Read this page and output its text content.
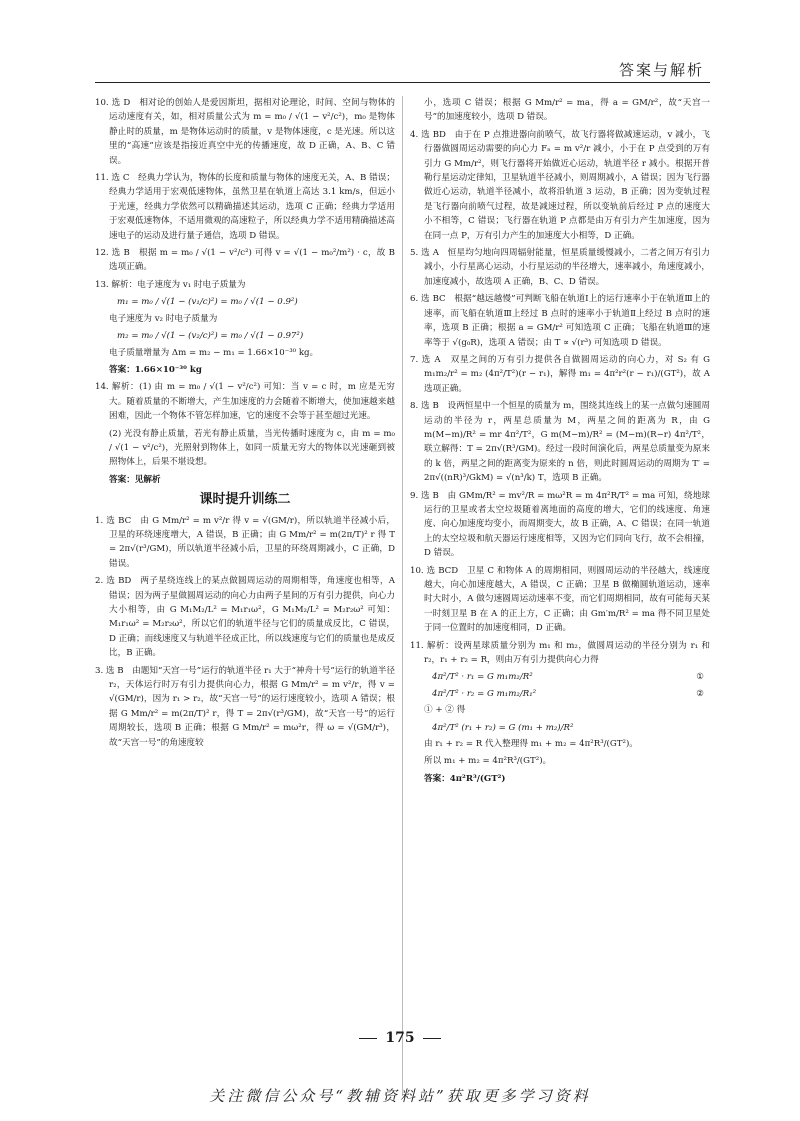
答案与解析

10. 选 D　相对论的创始人是爱因斯坦，据相对论理论，时间、空间与物体的运动速度有关，如，相对质量公式为 m = m₀ / √(1 − v²/c²)，m₀ 是物体静止时的质量，m 是物体运动时的质量，v 是物体速度，c 是光速。所以这里的“高速”应该是指接近真空中光的传播速度，故 D 正确，A、B、C 错误。

11. 选 C　经典力学认为，物体的长度和质量与物体的速度无关，A、B 错误；经典力学适用于宏观低速物体，虽然卫星在轨道上高达 3.1 km/s，但远小于光速，经典力学依然可以精确描述其运动，选项 C 正确；经典力学适用于宏观低速物体，不适用微观的高速粒子，所以经典力学不适用精确描述高速电子的运动及进行量子通信，选项 D 错误。

12. 选 B　根据 m = m₀ / √(1 − v²/c²) 可得 v = √(1 − m₀²/m²) · c，故 B 选项正确。

13. 解析：电子速度为 v₁ 时电子质量为

m₁ = m₀ / √(1 − (v₁/c)²) = m₀ / √(1 − 0.9²)

电子速度为 v₂ 时电子质量为

m₂ = m₀ / √(1 − (v₂/c)²) = m₀ / √(1 − 0.97²)

电子质量增量为 Δm = m₂ − m₁ = 1.66×10⁻³⁰ kg。

答案：1.66×10⁻³⁰ kg

14. 解析：(1) 由 m = m₀ / √(1 − v²/c²) 可知：当 v = c 时，m 应是无穷大。随着质量的不断增大，产生加速度的力会随着不断增大，使加速越来越困难，因此一个物体不管怎样加速，它的速度不会等于甚至超过光速。

(2) 光没有静止质量，若光有静止质量，当光传播时速度为 c，由 m = m₀ / √(1 − v²/c²)，光照射到物体上，如同一质量无穷大的物体以光速砸到被照物体上，后果不堪设想。

答案：见解析

课时提升训练二

1. 选 BC　由 G Mm/r² = m v²/r 得 v = √(GM/r)，所以轨道半径减小后，卫星的环绕速度增大，A 错误，B 正确；由 G Mm/r² = m(2π/T)² r 得 T = 2π√(r³/GM)，所以轨道半径减小后，卫星的环绕周期减小，C 正确，D 错误。

2. 选 BD　两子星绕连线上的某点做圆周运动的周期相等，角速度也相等，A 错误；因为两子星做圆周运动的向心力由两子星间的万有引力提供，向心力大小相等，由 G M₁M₂/L² = M₁r₁ω²，G M₁M₂/L² = M₂r₂ω² 可知：M₁r₁ω² = M₂r₂ω²，所以它们的轨道半径与它们的质量成反比，C 错误，D 正确；而线速度又与轨道半径成正比，所以线速度与它们的质量也是成反比，B 正确。

3. 选 B　由题知“天宫一号”运行的轨道半径 r₁ 大于“神舟十号”运行的轨道半径 r₂，天体运行时万有引力提供向心力，根据 G Mm/r² = m v²/r，得 v = √(GM/r)，因为 r₁ > r₂，故“天宫一号”的运行速度较小，选项 A 错误；根据 G Mm/r² = m(2π/T)² r，得 T = 2π√(r³/GM)，故“天宫一号”的运行周期较长，选项 B 正确；根据 G Mm/r² = mω²r，得 ω = √(GM/r³)，故“天宫一号”的角速度较

小，选项 C 错误；根据 G Mm/r² = ma，得 a = GM/r²，故“天宫一号”的加速度较小，选项 D 错误。

4. 选 BD　由于在 P 点推进器向前喷气，故飞行器将做减速运动，v 减小，飞行器做圆周运动需要的向心力 Fₙ = m v²/r 减小，小于在 P 点受到的万有引力 G Mm/r²，则飞行器将开始做近心运动，轨道半径 r 减小。根据开普勒行星运动定律知，卫星轨道半径减小，则周期减小，A 错误；因为飞行器做近心运动，轨道半径减小，故将沿轨道 3 运动，B 正确；因为变轨过程是飞行器向前喷气过程，故是减速过程，所以变轨前后经过 P 点的速度大小不相等，C 错误；飞行器在轨道 P 点都是由万有引力产生加速度，因为在同一点 P，万有引力产生的加速度大小相等，D 正确。

5. 选 A　恒星均匀地向四周辐射能量，恒星质量缓慢减小，二者之间万有引力减小，小行星离心运动，小行星运动的半径增大，速率减小，角速度减小，加速度减小，故选项 A 正确，B、C、D 错误。

6. 选 BC　根据“越远越慢”可判断飞船在轨道Ⅰ上的运行速率小于在轨道Ⅲ上的速率，而飞船在轨道Ⅲ上经过 B 点时的速率小于轨道Ⅱ上经过 B 点时的速率，选项 B 正确；根据 a = GM/r² 可知选项 C 正确；飞船在轨道Ⅲ的速率等于 √(g₀R)，选项 A 错误；由 T ∝ √(r³) 可知选项 D 错误。

7. 选 A　双星之间的万有引力提供各自做圆周运动的向心力，对 S₂ 有 G m₁m₂/r² = m₂ (4π²/T²)(r − r₁)，解得 m₁ = 4π²r²(r − r₁)/(GT²)，故 A 选项正确。

8. 选 B　设两恒星中一个恒星的质量为 m，围绕其连线上的某一点做匀速圆周运动的半径为 r，两星总质量为 M，两星之间的距离为 R，由 G m(M−m)/R² = mr 4π²/T²，G m(M−m)/R² = (M−m)(R−r) 4π²/T²，联立解得：T = 2π√(R³/GM)。经过一段时间演化后，两星总质量变为原来的 k 倍，两星之间的距离变为原来的 n 倍，则此时圆周运动的周期为 T′ = 2π√((nR)³/GkM) = √(n³/k) T，选项 B 正确。

9. 选 B　由 GMm/R² = mv²/R = mω²R = m 4π²R/T² = ma 可知，绕地球运行的卫星或者太空垃圾随着离地面的高度的增大，它们的线速度、角速度、向心加速度均变小，而周期变大，故 B 正确，A、C 错误；在同一轨道上的太空垃圾和航天器运行速度相等，又因为它们同向飞行，故不会相撞，D 错误。

10. 选 BCD　卫星 C 和物体 A 的周期相同，则圆周运动的半径越大，线速度越大，向心加速度越大，A 错误，C 正确；卫星 B 做椭圆轨道运动，速率时大时小，A 做匀速圆周运动速率不变，而它们周期相同，故有可能每天某一时刻卫星 B 在 A 的正上方，C 正确；由 Gm′m/R² = ma 得不同卫星处于同一位置时的加速度相同，D 正确。

11. 解析：设两星球质量分别为 m₁ 和 m₂，做圆周运动的半径分别为 r₁ 和 r₂，r₁ + r₂ = R，则由万有引力提供向心力得

4π²/T² · r₁ = G m₁m₂/R²	①
4π²/T² · r₂ = G m₁m₂/R₁²	②

① + ② 得

4π²/T² (r₁ + r₂) = G (m₁ + m₂)/R²

由 r₁ + r₂ = R 代入整理得 m₁ + m₂ = 4π²R³/(GT²)。

所以 m₁ + m₂ = 4π²R³/(GT²)。

答案：4π²R³/(GT²)

175
关注微信公众号“教辅资料站”获取更多学习资料
